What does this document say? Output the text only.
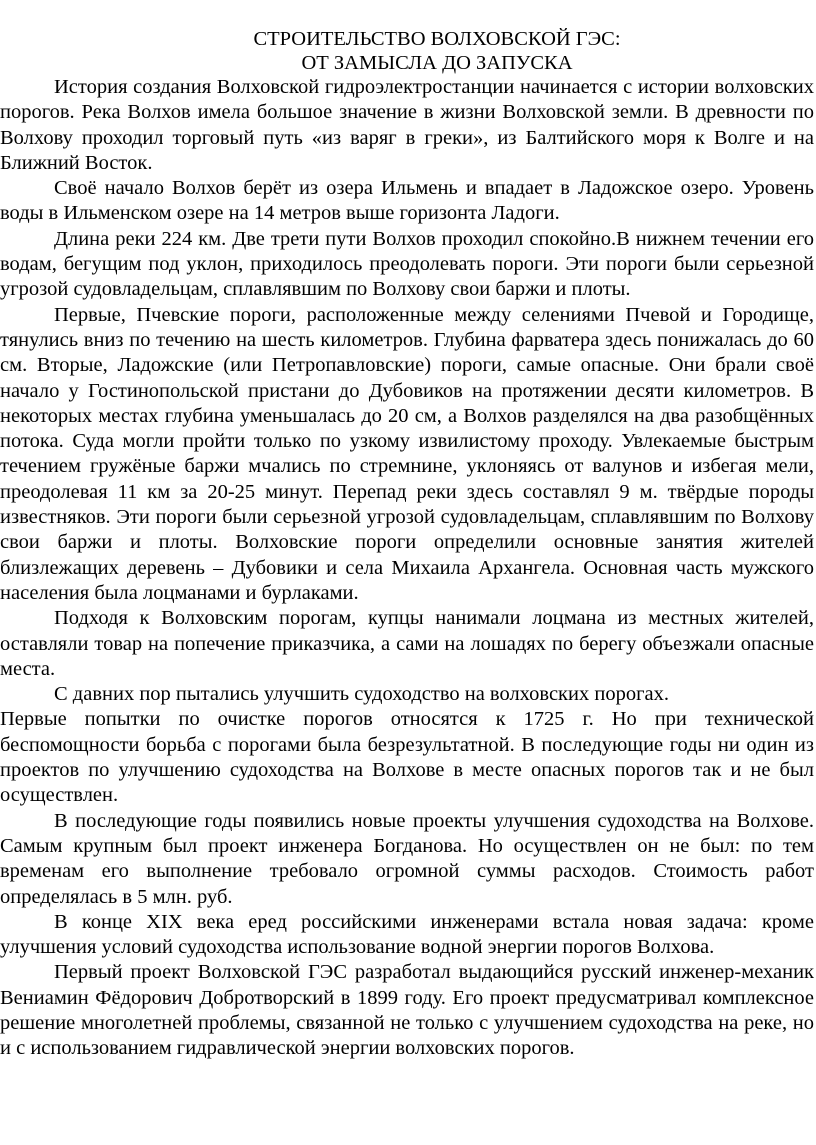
СТРОИТЕЛЬСТВО ВОЛХОВСКОЙ ГЭС:
ОТ ЗАМЫСЛА ДО ЗАПУСКА

История создания Волховской гидроэлектростанции начинается с истории волховских порогов. Река Волхов имела большое значение в жизни Волховской земли. В древности по Волхову проходил торговый путь «из варяг в греки», из Балтийского моря к Волге и на Ближний Восток.

Своё начало Волхов берёт из озера Ильмень и впадает в Ладожское озеро. Уровень воды в Ильменском озере на 14 метров выше горизонта Ладоги.

Длина реки 224 км. Две трети пути Волхов проходил спокойно.В нижнем течении его водам, бегущим под уклон, приходилось преодолевать пороги. Эти пороги были серьезной угрозой судовладельцам, сплавлявшим по Волхову свои баржи и плоты.

Первые, Пчевские пороги, расположенные между селениями Пчевой и Городище, тянулись вниз по течению на шесть километров. Глубина фарватера здесь понижалась до 60 см. Вторые, Ладожские (или Петропавловские) пороги, самые опасные. Они брали своё начало у Гостинопольской пристани до Дубовиков на протяжении десяти километров. В некоторых местах глубина уменьшалась до 20 см, а Волхов разделялся на два разобщённых потока. Суда могли пройти только по узкому извилистому проходу. Увлекаемые быстрым течением гружёные баржи мчались по стремнине, уклоняясь от валунов и избегая мели, преодолевая 11 км за 20-25 минут. Перепад реки здесь составлял 9 м. твёрдые породы известняков. Эти пороги были серьезной угрозой судовладельцам, сплавлявшим по Волхову свои баржи и плоты. Волховские пороги определили основные занятия жителей близлежащих деревень – Дубовики и села Михаила Архангела. Основная часть мужского населения была лоцманами и бурлаками.

Подходя к Волховским порогам, купцы нанимали лоцмана из местных жителей, оставляли товар на попечение приказчика, а сами на лошадях по берегу объезжали опасные места.

С давних пор пытались улучшить судоходство на волховских порогах.

Первые попытки по очистке порогов относятся к 1725 г. Но при технической беспомощности борьба с порогами была безрезультатной. В последующие годы ни один из проектов по улучшению судоходства на Волхове в месте опасных порогов так и не был осуществлен.

В последующие годы появились новые проекты улучшения судоходства на Волхове. Самым крупным был проект инженера Богданова. Но осуществлен он не был: по тем временам его выполнение требовало огромной суммы расходов. Стоимость работ определялась в 5 млн. руб.

В конце XIX века еред российскими инженерами встала новая задача: кроме улучшения условий судоходства использование водной энергии порогов Волхова.

Первый проект Волховской ГЭС разработал выдающийся русский инженер-механик Вениамин Фёдорович Добротворский в 1899 году. Его проект предусматривал комплексное решение многолетней проблемы, связанной не только с улучшением судоходства на реке, но и с использованием гидравлической энергии волховских порогов.
